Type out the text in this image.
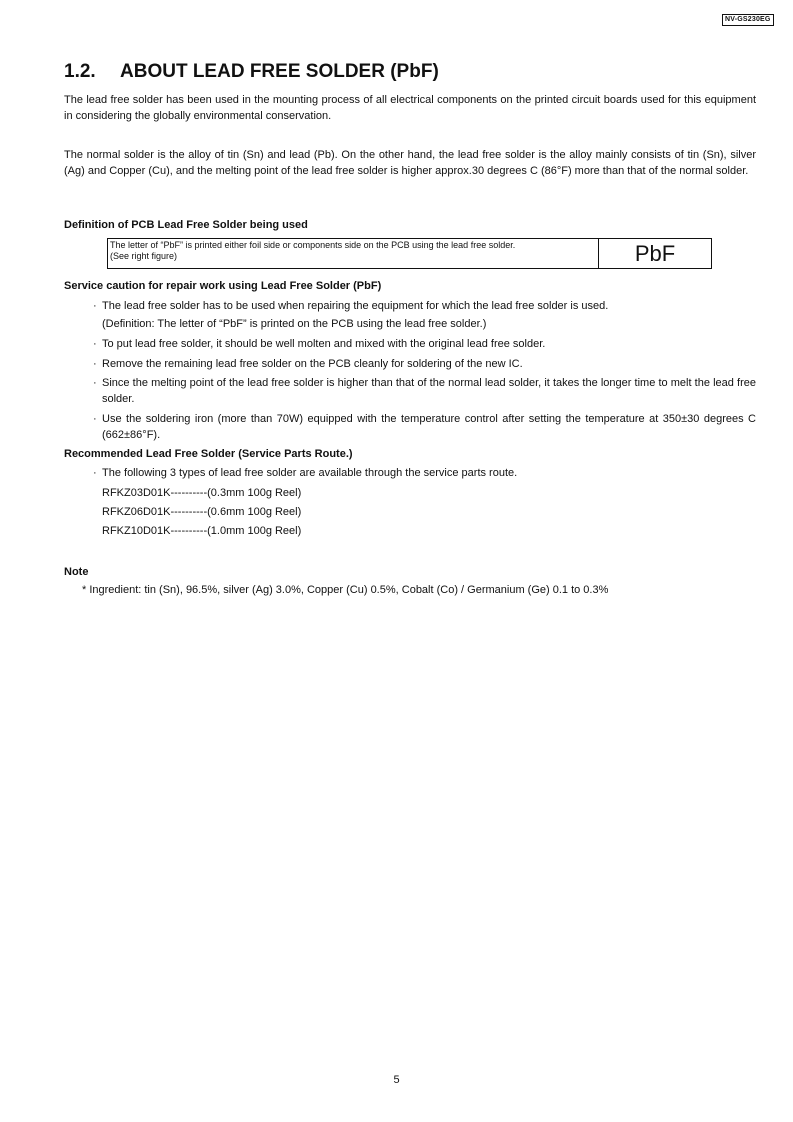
NV-GS230EG
1.2. ABOUT LEAD FREE SOLDER (PbF)

The lead free solder has been used in the mounting process of all electrical components on the printed circuit boards used for this equipment in considering the globally environmental conservation.

The normal solder is the alloy of tin (Sn) and lead (Pb). On the other hand, the lead free solder is the alloy mainly consists of tin (Sn), silver (Ag) and Copper (Cu), and the melting point of the lead free solder is higher approx.30 degrees C (86°F) more than that of the normal solder.

Definition of PCB Lead Free Solder being used

The letter of “PbF” is printed either foil side or components side on the PCB using the lead free solder.
(See right figure)	PbF

Service caution for repair work using Lead Free Solder (PbF)

· The lead free solder has to be used when repairing the equipment for which the lead free solder is used.

(Definition: The letter of “PbF” is printed on the PCB using the lead free solder.)

· To put lead free solder, it should be well molten and mixed with the original lead free solder.
· Remove the remaining lead free solder on the PCB cleanly for soldering of the new IC.
· Since the melting point of the lead free solder is higher than that of the normal lead solder, it takes the longer time to melt the lead free solder.
· Use the soldering iron (more than 70W) equipped with the temperature control after setting the temperature at 350±30 degrees C (662±86°F).

Recommended Lead Free Solder (Service Parts Route.)

· The following 3 types of lead free solder are available through the service parts route.

RFKZ03D01K----------(0.3mm 100g Reel)

RFKZ06D01K----------(0.6mm 100g Reel)

RFKZ10D01K----------(1.0mm 100g Reel)

Note

* Ingredient: tin (Sn), 96.5%, silver (Ag) 3.0%, Copper (Cu) 0.5%, Cobalt (Co) / Germanium (Ge) 0.1 to 0.3%

5
